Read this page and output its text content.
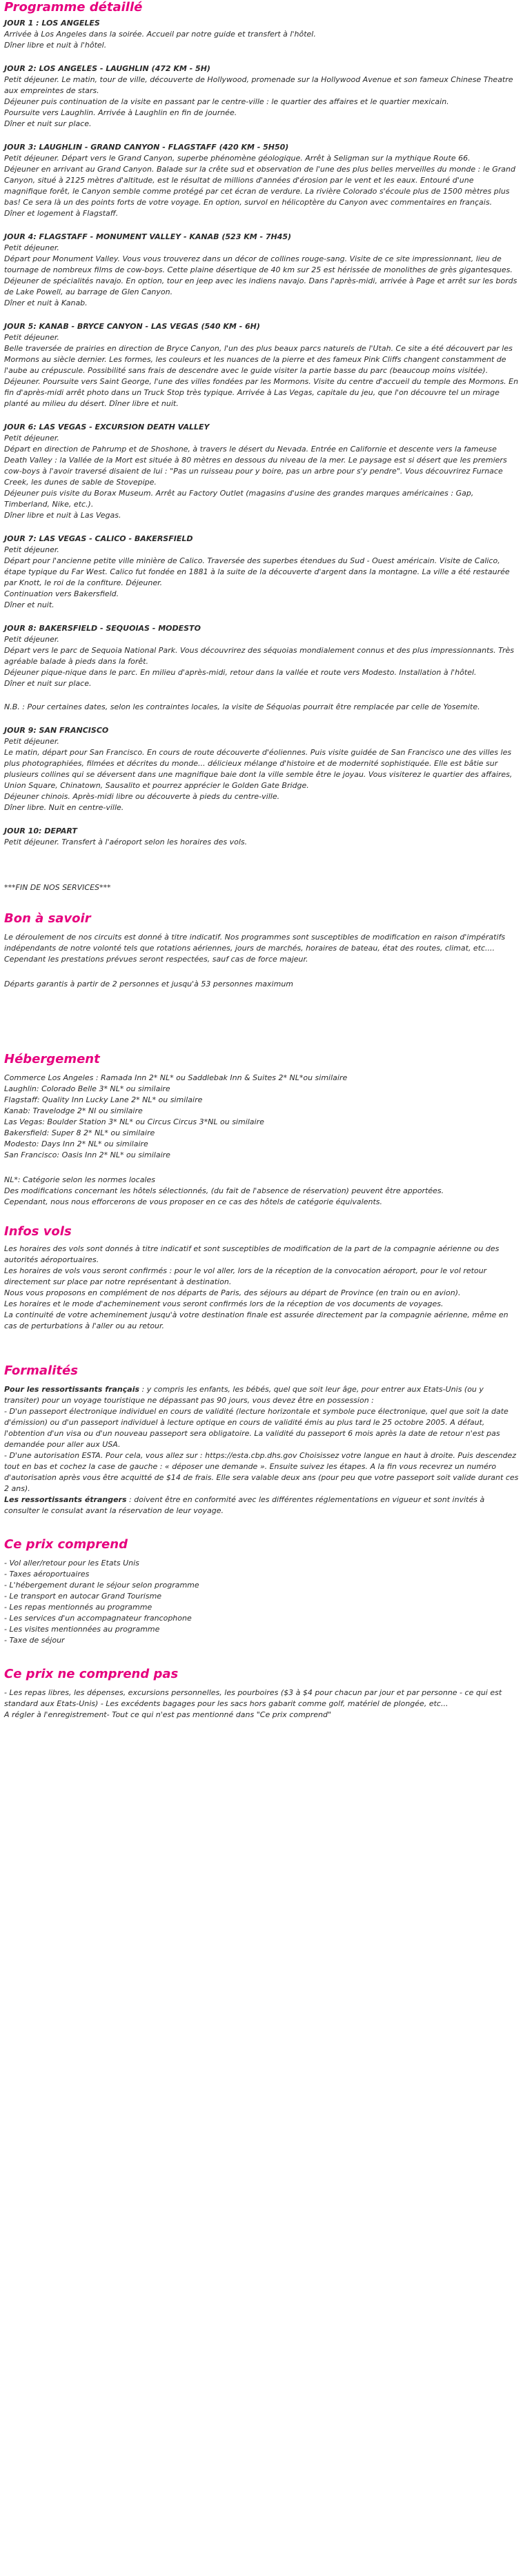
Programme détaillé

JOUR 1 : LOS ANGELES
Arrivée à Los Angeles dans la soirée. Accueil par notre guide et transfert à l'hôtel.
Dîner libre et nuit à l'hôtel.

JOUR 2: LOS ANGELES - LAUGHLIN (472 KM - 5H)
Petit déjeuner. Le matin, tour de ville, découverte de Hollywood, promenade sur la Hollywood Avenue et son fameux Chinese Theatre aux empreintes de stars.
Déjeuner puis continuation de la visite en passant par le centre-ville : le quartier des affaires et le quartier mexicain.
Poursuite vers Laughlin. Arrivée à Laughlin en fin de journée.
Dîner et nuit sur place.

JOUR 3: LAUGHLIN - GRAND CANYON - FLAGSTAFF (420 KM - 5H50)
Petit déjeuner. Départ vers le Grand Canyon, superbe phénomène géologique. Arrêt à Seligman sur la mythique Route 66.
Déjeuner en arrivant au Grand Canyon. Balade sur la crête sud et observation de l'une des plus belles merveilles du monde : le Grand Canyon, situé à 2125 mètres d'altitude, est le résultat de millions d'années d'érosion par le vent et les eaux. Entouré d'une magnifique forêt, le Canyon semble comme protégé par cet écran de verdure. La rivière Colorado s'écoule plus de 1500 mètres plus bas! Ce sera là un des points forts de votre voyage. En option, survol en hélicoptère du Canyon avec commentaires en français.
Dîner et logement à Flagstaff.

JOUR 4: FLAGSTAFF - MONUMENT VALLEY - KANAB (523 KM - 7H45)
Petit déjeuner.
Départ pour Monument Valley. Vous vous trouverez dans un décor de collines rouge-sang. Visite de ce site impressionnant, lieu de tournage de nombreux films de cow-boys. Cette plaine désertique de 40 km sur 25 est hérissée de monolithes de grès gigantesques.
Déjeuner de spécialités navajo. En option, tour en jeep avec les indiens navajo. Dans l'après-midi, arrivée à Page et arrêt sur les bords de Lake Powell, au barrage de Glen Canyon.
Dîner et nuit à Kanab.

JOUR 5: KANAB - BRYCE CANYON - LAS VEGAS (540 KM - 6H)
Petit déjeuner.
Belle traversée de prairies en direction de Bryce Canyon, l'un des plus beaux parcs naturels de l'Utah. Ce site a été découvert par les Mormons au siècle dernier. Les formes, les couleurs et les nuances de la pierre et des fameux Pink Cliffs changent constamment de l'aube au crépuscule. Possibilité sans frais de descendre avec le guide visiter la partie basse du parc (beaucoup moins visitée).
Déjeuner. Poursuite vers Saint George, l'une des villes fondées par les Mormons. Visite du centre d'accueil du temple des Mormons. En fin d'après-midi arrêt photo dans un Truck Stop très typique. Arrivée à Las Vegas, capitale du jeu, que l'on découvre tel un mirage planté au milieu du désert. Dîner libre et nuit.

JOUR 6: LAS VEGAS - EXCURSION DEATH VALLEY
Petit déjeuner.
Départ en direction de Pahrump et de Shoshone, à travers le désert du Nevada. Entrée en Californie et descente vers la fameuse Death Valley : la Vallée de la Mort est située à 80 mètres en dessous du niveau de la mer. Le paysage est si désert que les premiers cow-boys à l'avoir traversé disaient de lui : "Pas un ruisseau pour y boire, pas un arbre pour s'y pendre". Vous découvrirez Furnace Creek, les dunes de sable de Stovepipe.
Déjeuner puis visite du Borax Museum. Arrêt au Factory Outlet (magasins d'usine des grandes marques américaines : Gap, Timberland, Nike, etc.).
Dîner libre et nuit à Las Vegas.

JOUR 7: LAS VEGAS - CALICO - BAKERSFIELD
Petit déjeuner.
Départ pour l'ancienne petite ville minière de Calico. Traversée des superbes étendues du Sud - Ouest américain. Visite de Calico, étape typique du Far West. Calico fut fondée en 1881 à la suite de la découverte d'argent dans la montagne. La ville a été restaurée par Knott, le roi de la confiture. Déjeuner.
Continuation vers Bakersfield.
Dîner et nuit.

JOUR 8: BAKERSFIELD - SEQUOIAS - MODESTO
Petit déjeuner.
Départ vers le parc de Sequoia National Park. Vous découvrirez des séquoias mondialement connus et des plus impressionnants. Très agréable balade à pieds dans la forêt.
Déjeuner pique-nique dans le parc. En milieu d'après-midi, retour dans la vallée et route vers Modesto. Installation à l'hôtel.
Dîner et nuit sur place.

N.B. : Pour certaines dates, selon les contraintes locales, la visite de Séquoias pourrait être remplacée par celle de Yosemite.

JOUR 9: SAN FRANCISCO
Petit déjeuner.
Le matin, départ pour San Francisco. En cours de route découverte d'éoliennes. Puis visite guidée de San Francisco une des villes les plus photographiées, filmées et décrites du monde... délicieux mélange d'histoire et de modernité sophistiquée. Elle est bâtie sur plusieurs collines qui se déversent dans une magnifique baie dont la ville semble être le joyau. Vous visiterez le quartier des affaires, Union Square, Chinatown, Sausalito et pourrez apprécier le Golden Gate Bridge.
Déjeuner chinois. Après-midi libre ou découverte à pieds du centre-ville.
Dîner libre. Nuit en centre-ville.

JOUR 10: DEPART
Petit déjeuner. Transfert à l'aéroport selon les horaires des vols.

***FIN DE NOS SERVICES***
Bon à savoir

Le déroulement de nos circuits est donné à titre indicatif. Nos programmes sont susceptibles de modification en raison d'impératifs indépendants de notre volonté tels que rotations aériennes, jours de marchés, horaires de bateau, état des routes, climat, etc.... Cependant les prestations prévues seront respectées, sauf cas de force majeur.

Départs garantis à partir de 2 personnes et jusqu'à 53 personnes maximum

Hébergement
Commerce Los Angeles : Ramada Inn 2* NL* ou Saddlebak Inn & Suites 2* NL*ou similaire
Laughlin: Colorado Belle 3* NL* ou similaire
Flagstaff: Quality Inn Lucky Lane 2* NL* ou similaire
Kanab: Travelodge 2* NI ou similaire
Las Vegas: Boulder Station 3* NL* ou Circus Circus 3*NL ou similaire
Bakersfield: Super 8 2* NL* ou similaire
Modesto: Days Inn 2* NL* ou similaire
San Francisco: Oasis Inn 2* NL* ou similaire
NL*: Catégorie selon les normes locales
Des modifications concernant les hôtels sélectionnés, (du fait de l'absence de réservation) peuvent être apportées.
Cependant, nous nous efforcerons de vous proposer en ce cas des hôtels de catégorie équivalents.
Infos vols
Les horaires des vols sont donnés à titre indicatif et sont susceptibles de modification de la part de la compagnie aérienne ou des autorités aéroportuaires.
Les horaires de vols vous seront confirmés : pour le vol aller, lors de la réception de la convocation aéroport, pour le vol retour directement sur place par notre représentant à destination.
Nous vous proposons en complément de nos départs de Paris, des séjours au départ de Province (en train ou en avion).
Les horaires et le mode d'acheminement vous seront confirmés lors de la réception de vos documents de voyages.
La continuité de votre acheminement jusqu'à votre destination finale est assurée directement par la compagnie aérienne, même en cas de perturbations à l'aller ou au retour.
Formalités
Pour les ressortissants français : y compris les enfants, les bébés, quel que soit leur âge, pour entrer aux Etats-Unis (ou y transiter) pour un voyage touristique ne dépassant pas 90 jours, vous devez être en possession :
- D'un passeport électronique individuel en cours de validité (lecture horizontale et symbole puce électronique, quel que soit la date d'émission) ou d'un passeport individuel à lecture optique en cours de validité émis au plus tard le 25 octobre 2005. A défaut, l'obtention d'un visa ou d'un nouveau passeport sera obligatoire. La validité du passeport 6 mois après la date de retour n'est pas demandée pour aller aux USA.
- D'une autorisation ESTA. Pour cela, vous allez sur : https://esta.cbp.dhs.gov Choisissez votre langue en haut à droite. Puis descendez tout en bas et cochez la case de gauche : « déposer une demande ». Ensuite suivez les étapes. A la fin vous recevrez un numéro d'autorisation après vous être acquitté de $14 de frais. Elle sera valable deux ans (pour peu que votre passeport soit valide durant ces 2 ans).
Les ressortissants étrangers : doivent être en conformité avec les différentes réglementations en vigueur et sont invités à consulter le consulat avant la réservation de leur voyage.
Ce prix comprend
- Vol aller/retour pour les Etats Unis
- Taxes aéroportuaires
- L'hébergement durant le séjour selon programme
- Le transport en autocar Grand Tourisme
- Les repas mentionnés au programme
- Les services d'un accompagnateur francophone
- Les visites mentionnées au programme
- Taxe de séjour
Ce prix ne comprend pas
- Les repas libres, les dépenses, excursions personnelles, les pourboires ($3 à $4 pour chacun par jour et par personne - ce qui est standard aux Etats-Unis) - Les excédents bagages pour les sacs hors gabarit comme golf, matériel de plongée, etc...
A régler à l'enregistrement- Tout ce qui n'est pas mentionné dans "Ce prix comprend"
